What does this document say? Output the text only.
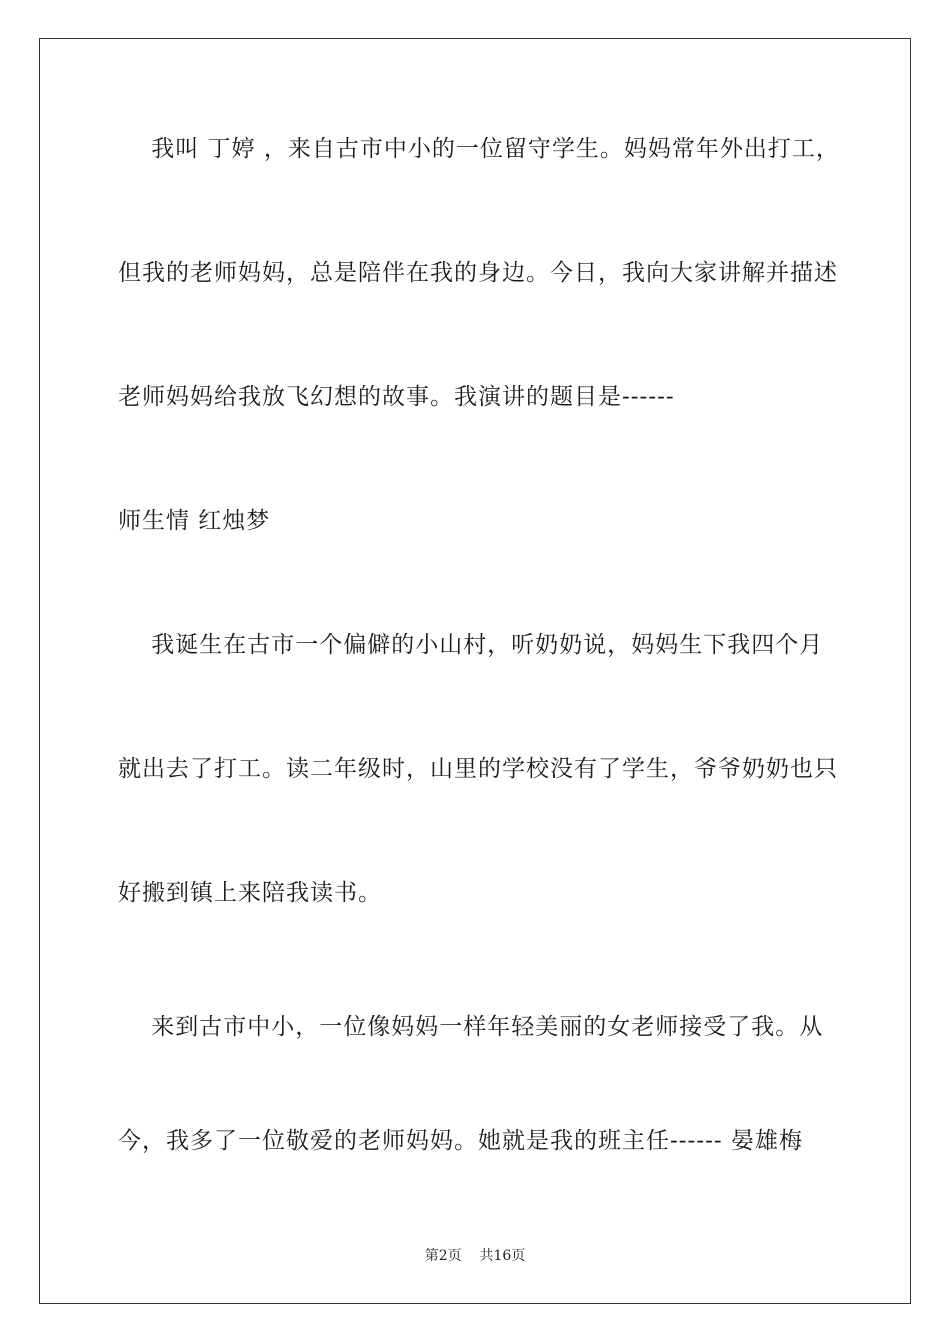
我叫 丁婷 ，来自古市中小的一位留守学生。妈妈常年外出打工，
但我的老师妈妈，总是陪伴在我的身边。今日，我向大家讲解并描述
老师妈妈给我放飞幻想的故事。我演讲的题目是------
师生情 红烛梦
我诞生在古市一个偏僻的小山村，听奶奶说，妈妈生下我四个月
就出去了打工。读二年级时，山里的学校没有了学生，爷爷奶奶也只
好搬到镇上来陪我读书。
来到古市中小，一位像妈妈一样年轻美丽的女老师接受了我。从
今，我多了一位敬爱的老师妈妈。她就是我的班主任------ 晏雄梅
第2页 共16页
